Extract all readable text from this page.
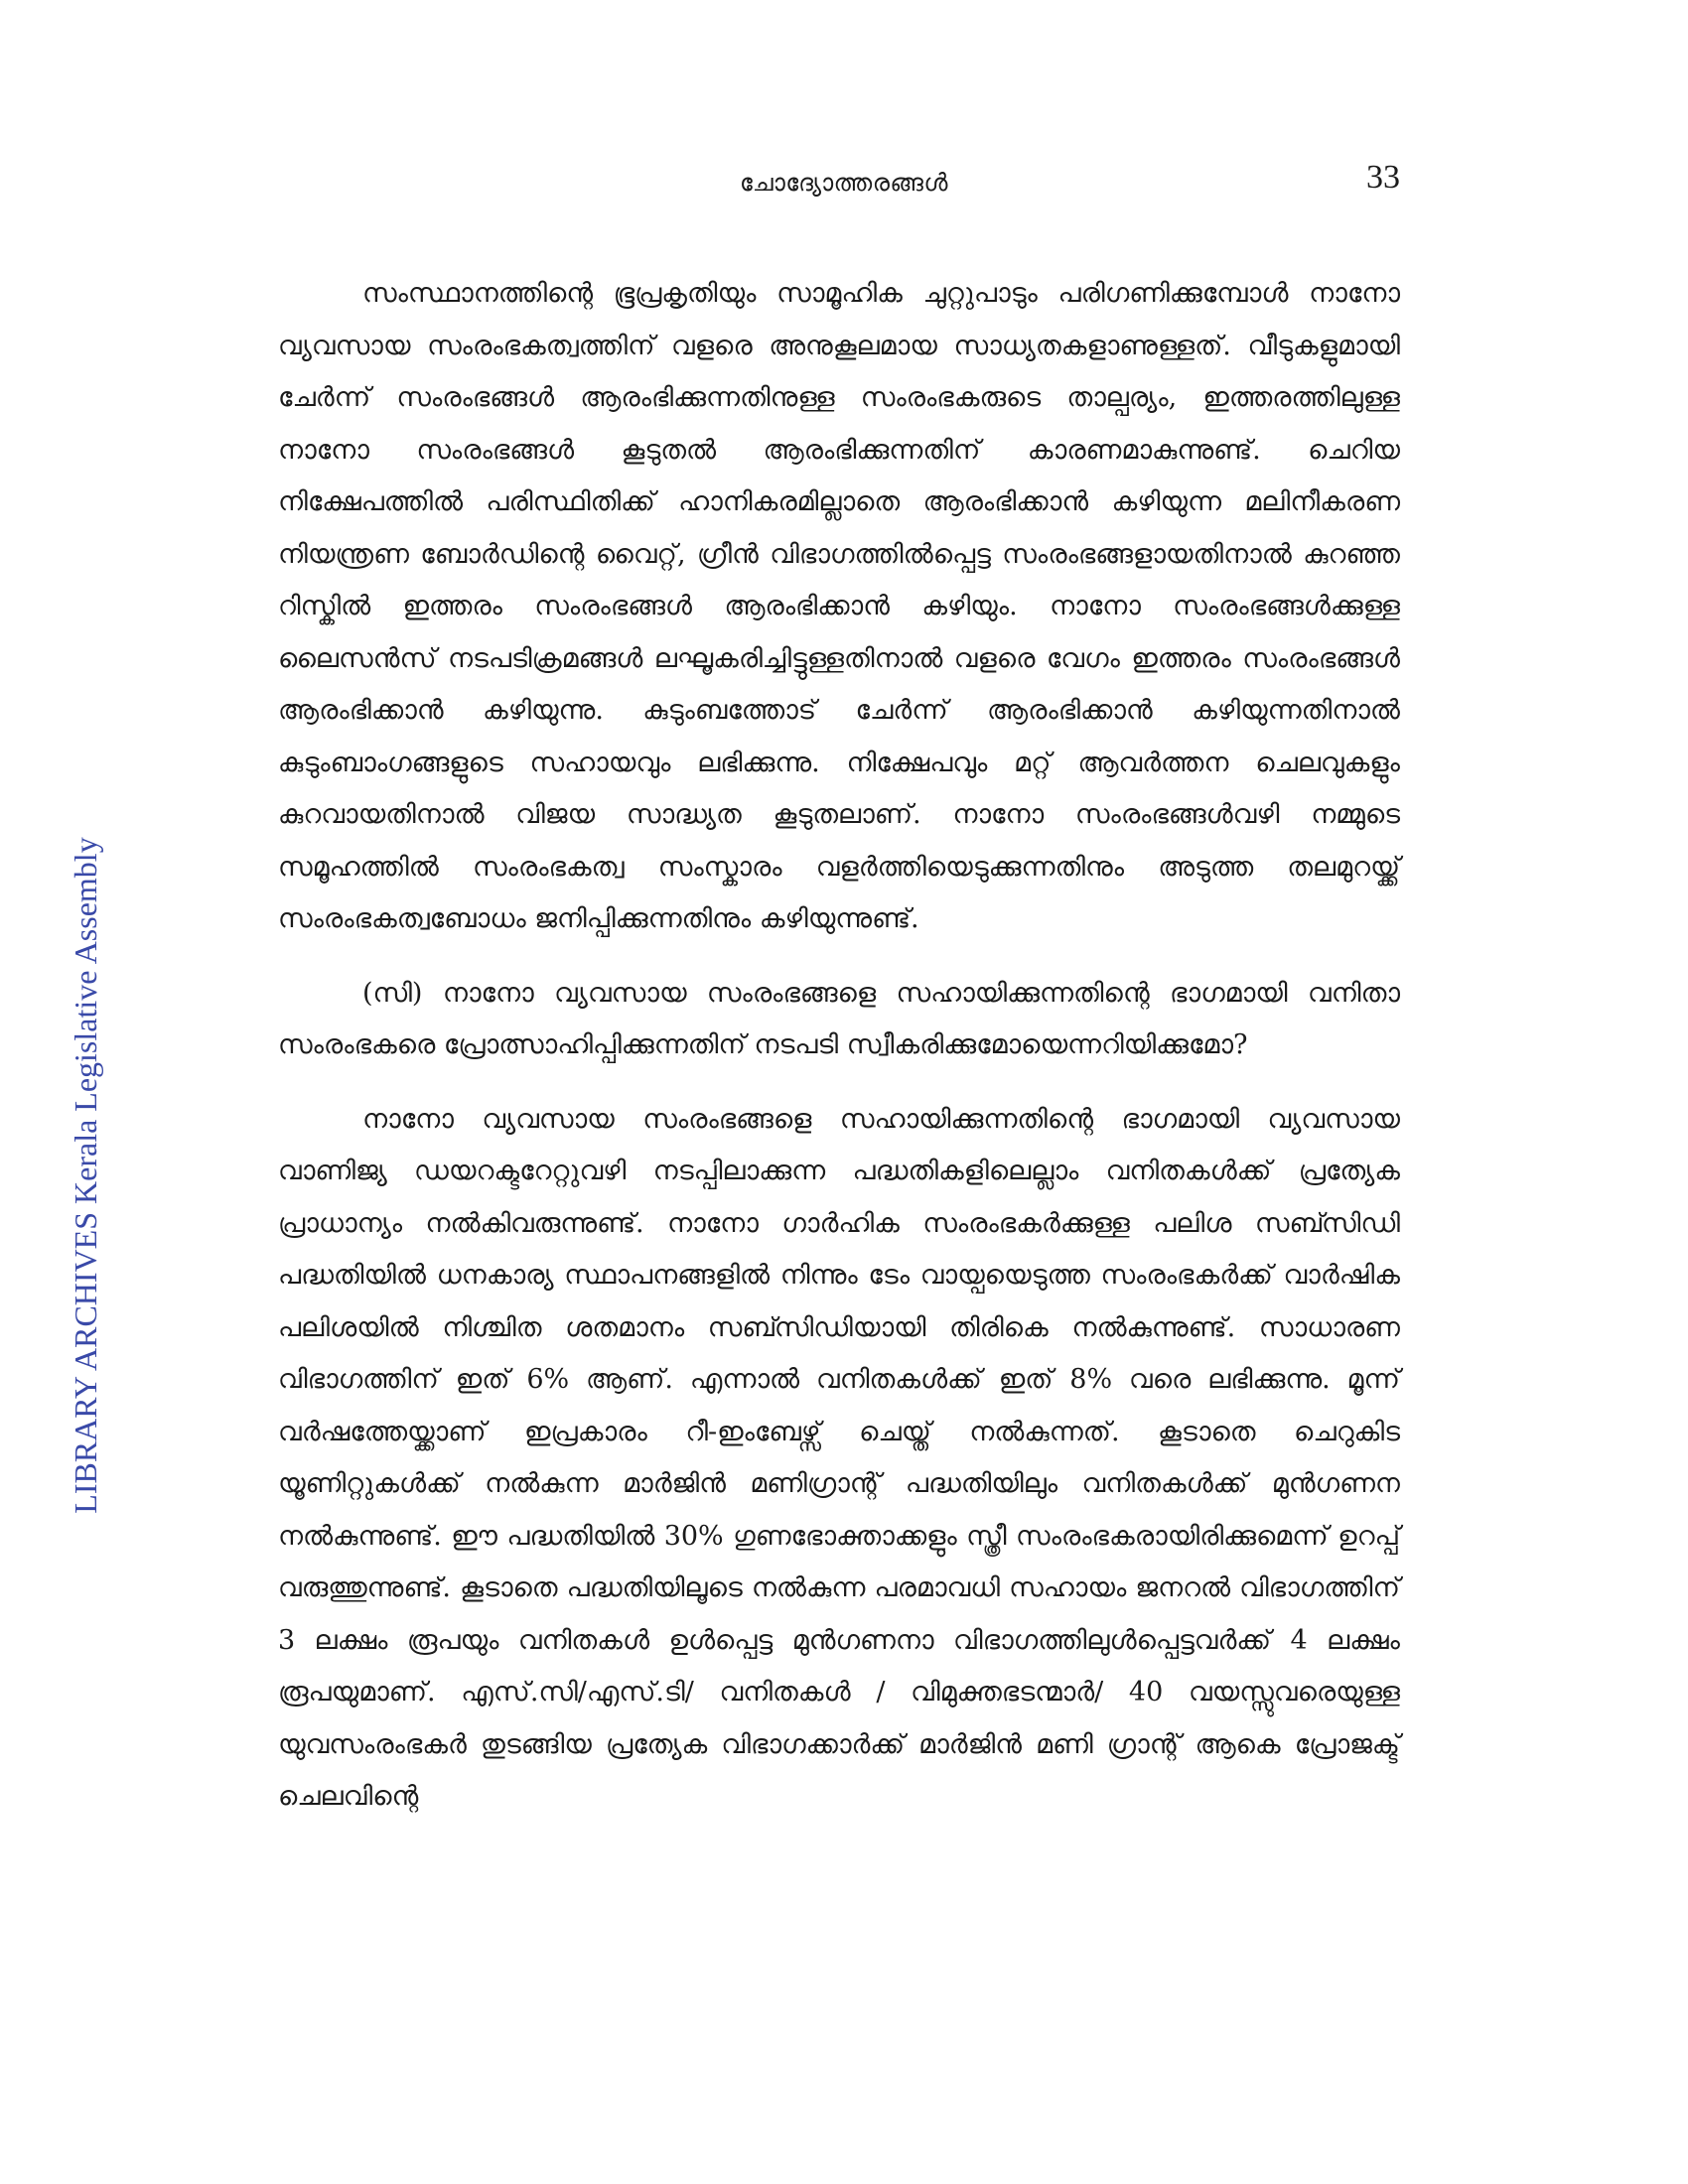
ചോദ്യോത്തരങ്ങൾ	33
LIBRARY ARCHIVES Kerala Legislative Assembly

സംസ്ഥാനത്തിന്റെ ഭൂപ്രകൃതിയും സാമൂഹിക ചുറ്റുപാടും പരിഗണിക്കുമ്പോൾ നാനോ വ്യവസായ സംരംഭകത്വത്തിന് വളരെ അനുകൂലമായ സാധ്യതകളാണുള്ളത്. വീടുകളുമായി ചേർന്ന് സംരംഭങ്ങൾ ആരംഭിക്കുന്നതിനുള്ള സംരംഭകരുടെ താല്പര്യം, ഇത്തരത്തിലുള്ള നാനോ സംരംഭങ്ങൾ കൂടുതൽ ആരംഭിക്കുന്നതിന് കാരണമാകുന്നുണ്ട്. ചെറിയ നിക്ഷേപത്തിൽ പരിസ്ഥിതിക്ക് ഹാനികരമില്ലാതെ ആരംഭിക്കാൻ കഴിയുന്ന മലിനീകരണ നിയന്ത്രണ ബോർഡിന്റെ വൈറ്റ്, ഗ്രീൻ വിഭാഗത്തിൽപ്പെട്ട സംരംഭങ്ങളായതിനാൽ കുറഞ്ഞ റിസ്കിൽ ഇത്തരം സംരംഭങ്ങൾ ആരംഭിക്കാൻ കഴിയും. നാനോ സംരംഭങ്ങൾക്കുള്ള ലൈസൻസ് നടപടിക്രമങ്ങൾ ലഘൂകരിച്ചിട്ടുള്ളതിനാൽ വളരെ വേഗം ഇത്തരം സംരംഭങ്ങൾ ആരംഭിക്കാൻ കഴിയുന്നു. കുടുംബത്തോട് ചേർന്ന് ആരംഭിക്കാൻ കഴിയുന്നതിനാൽ കുടുംബാംഗങ്ങളുടെ സഹായവും ലഭിക്കുന്നു. നിക്ഷേപവും മറ്റ് ആവർത്തന ചെലവുകളും കുറവായതിനാൽ വിജയ സാദ്ധ്യത കൂടുതലാണ്. നാനോ സംരംഭങ്ങൾവഴി നമ്മുടെ സമൂഹത്തിൽ സംരംഭകത്വ സംസ്കാരം വളർത്തിയെടുക്കുന്നതിനും അടുത്ത തലമുറയ്ക്ക് സംരംഭകത്വബോധം ജനിപ്പിക്കുന്നതിനും കഴിയുന്നുണ്ട്.

(സി) നാനോ വ്യവസായ സംരംഭങ്ങളെ സഹായിക്കുന്നതിന്റെ ഭാഗമായി വനിതാ സംരംഭകരെ പ്രോത്സാഹിപ്പിക്കുന്നതിന് നടപടി സ്വീകരിക്കുമോയെന്നറിയിക്കുമോ?

നാനോ വ്യവസായ സംരംഭങ്ങളെ സഹായിക്കുന്നതിന്റെ ഭാഗമായി വ്യവസായ വാണിജ്യ ഡയറക്ടറേറ്റുവഴി നടപ്പിലാക്കുന്ന പദ്ധതികളിലെല്ലാം വനിതകൾക്ക് പ്രത്യേക പ്രാധാന്യം നൽകിവരുന്നുണ്ട്. നാനോ ഗാർഹിക സംരംഭകർക്കുള്ള പലിശ സബ്സിഡി പദ്ധതിയിൽ ധനകാര്യ സ്ഥാപനങ്ങളിൽ നിന്നും ടേം വായ്പയെടുത്ത സംരംഭകർക്ക് വാർഷിക പലിശയിൽ നിശ്ചിത ശതമാനം സബ്സിഡിയായി തിരികെ നൽകുന്നുണ്ട്. സാധാരണ വിഭാഗത്തിന് ഇത് 6% ആണ്. എന്നാൽ വനിതകൾക്ക് ഇത് 8% വരെ ലഭിക്കുന്നു. മൂന്ന് വർഷത്തേയ്ക്കാണ് ഇപ്രകാരം റീ-ഇംബേഴ്സ് ചെയ്ത് നൽകുന്നത്. കൂടാതെ ചെറുകിട യൂണിറ്റുകൾക്ക് നൽകുന്ന മാർജിൻ മണിഗ്രാന്റ് പദ്ധതിയിലും വനിതകൾക്ക് മുൻഗണന നൽകുന്നുണ്ട്. ഈ പദ്ധതിയിൽ 30% ഗുണഭോക്താക്കളും സ്ത്രീ സംരംഭകരായിരിക്കുമെന്ന് ഉറപ്പ് വരുത്തുന്നുണ്ട്. കൂടാതെ പദ്ധതിയിലൂടെ നൽകുന്ന പരമാവധി സഹായം ജനറൽ വിഭാഗത്തിന് 3 ലക്ഷം രൂപയും വനിതകൾ ഉൾപ്പെട്ട മുൻഗണനാ വിഭാഗത്തിലുൾപ്പെട്ടവർക്ക് 4 ലക്ഷം രൂപയുമാണ്. എസ്.സി/എസ്.ടി/ വനിതകൾ / വിമുക്തഭടന്മാർ/ 40 വയസ്സുവരെയുള്ള യുവസംരംഭകർ തുടങ്ങിയ പ്രത്യേക വിഭാഗക്കാർക്ക് മാർജിൻ മണി ഗ്രാന്റ് ആകെ പ്രോജക്ട് ചെലവിന്റെ
